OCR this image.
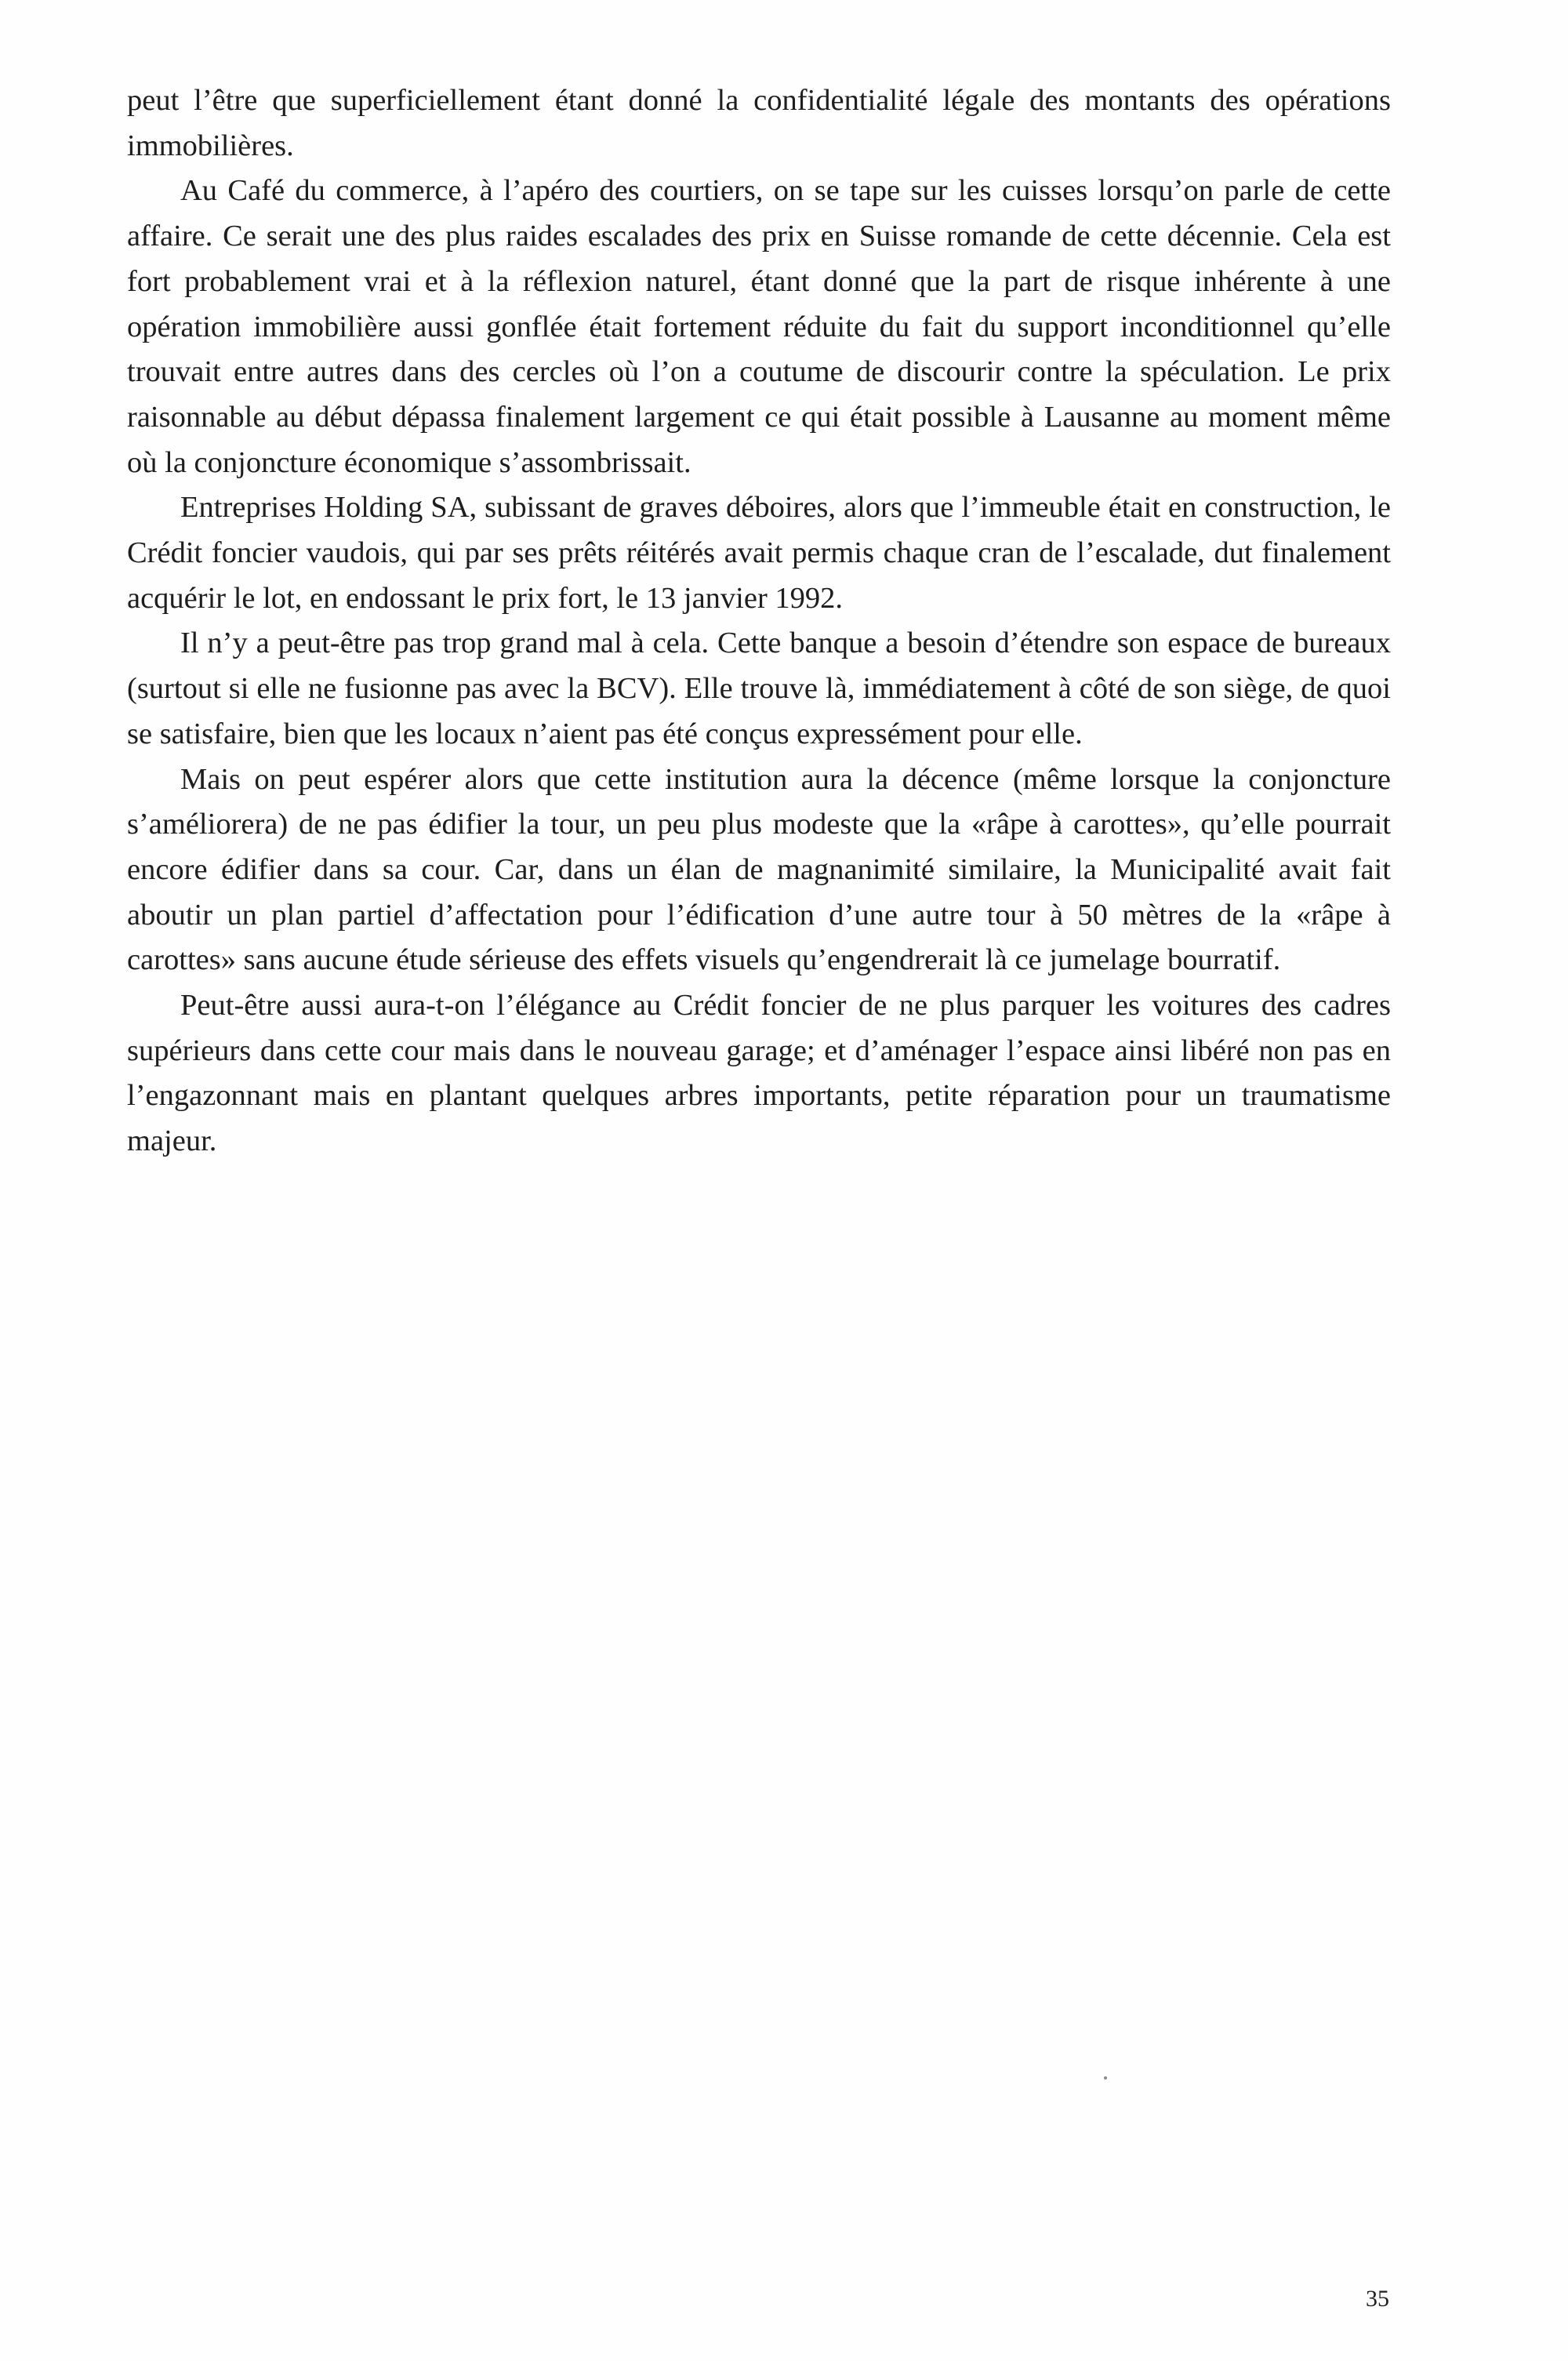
peut l’être que superficiellement étant donné la confidentialité légale des montants des opérations immobilières.

Au Café du commerce, à l’apéro des courtiers, on se tape sur les cuisses lorsqu’on parle de cette affaire. Ce serait une des plus raides escalades des prix en Suisse romande de cette décennie. Cela est fort probablement vrai et à la réflexion naturel, étant donné que la part de risque inhérente à une opération immobilière aussi gonflée était fortement réduite du fait du support inconditionnel qu’elle trouvait entre autres dans des cercles où l’on a coutume de discourir contre la spéculation. Le prix raisonnable au début dépassa finalement largement ce qui était possible à Lausanne au moment même où la conjoncture économique s’assombrissait.

Entreprises Holding SA, subissant de graves déboires, alors que l’immeuble était en construction, le Crédit foncier vaudois, qui par ses prêts réitérés avait permis chaque cran de l’escalade, dut finalement acquérir le lot, en endossant le prix fort, le 13 janvier 1992.

Il n’y a peut-être pas trop grand mal à cela. Cette banque a besoin d’étendre son espace de bureaux (surtout si elle ne fusionne pas avec la BCV). Elle trouve là, immédiatement à côté de son siège, de quoi se satisfaire, bien que les locaux n’aient pas été conçus expressément pour elle.

Mais on peut espérer alors que cette institution aura la décence (même lorsque la conjoncture s’améliorera) de ne pas édifier la tour, un peu plus modeste que la «râpe à carottes», qu’elle pourrait encore édifier dans sa cour. Car, dans un élan de magnanimité similaire, la Municipalité avait fait aboutir un plan partiel d’affectation pour l’édification d’une autre tour à 50 mètres de la «râpe à carottes» sans aucune étude sérieuse des effets visuels qu’engendrerait là ce jumelage bourratif.

Peut-être aussi aura-t-on l’élégance au Crédit foncier de ne plus parquer les voitures des cadres supérieurs dans cette cour mais dans le nouveau garage; et d’aménager l’espace ainsi libéré non pas en l’engazonnant mais en plantant quelques arbres importants, petite réparation pour un traumatisme majeur.

35
